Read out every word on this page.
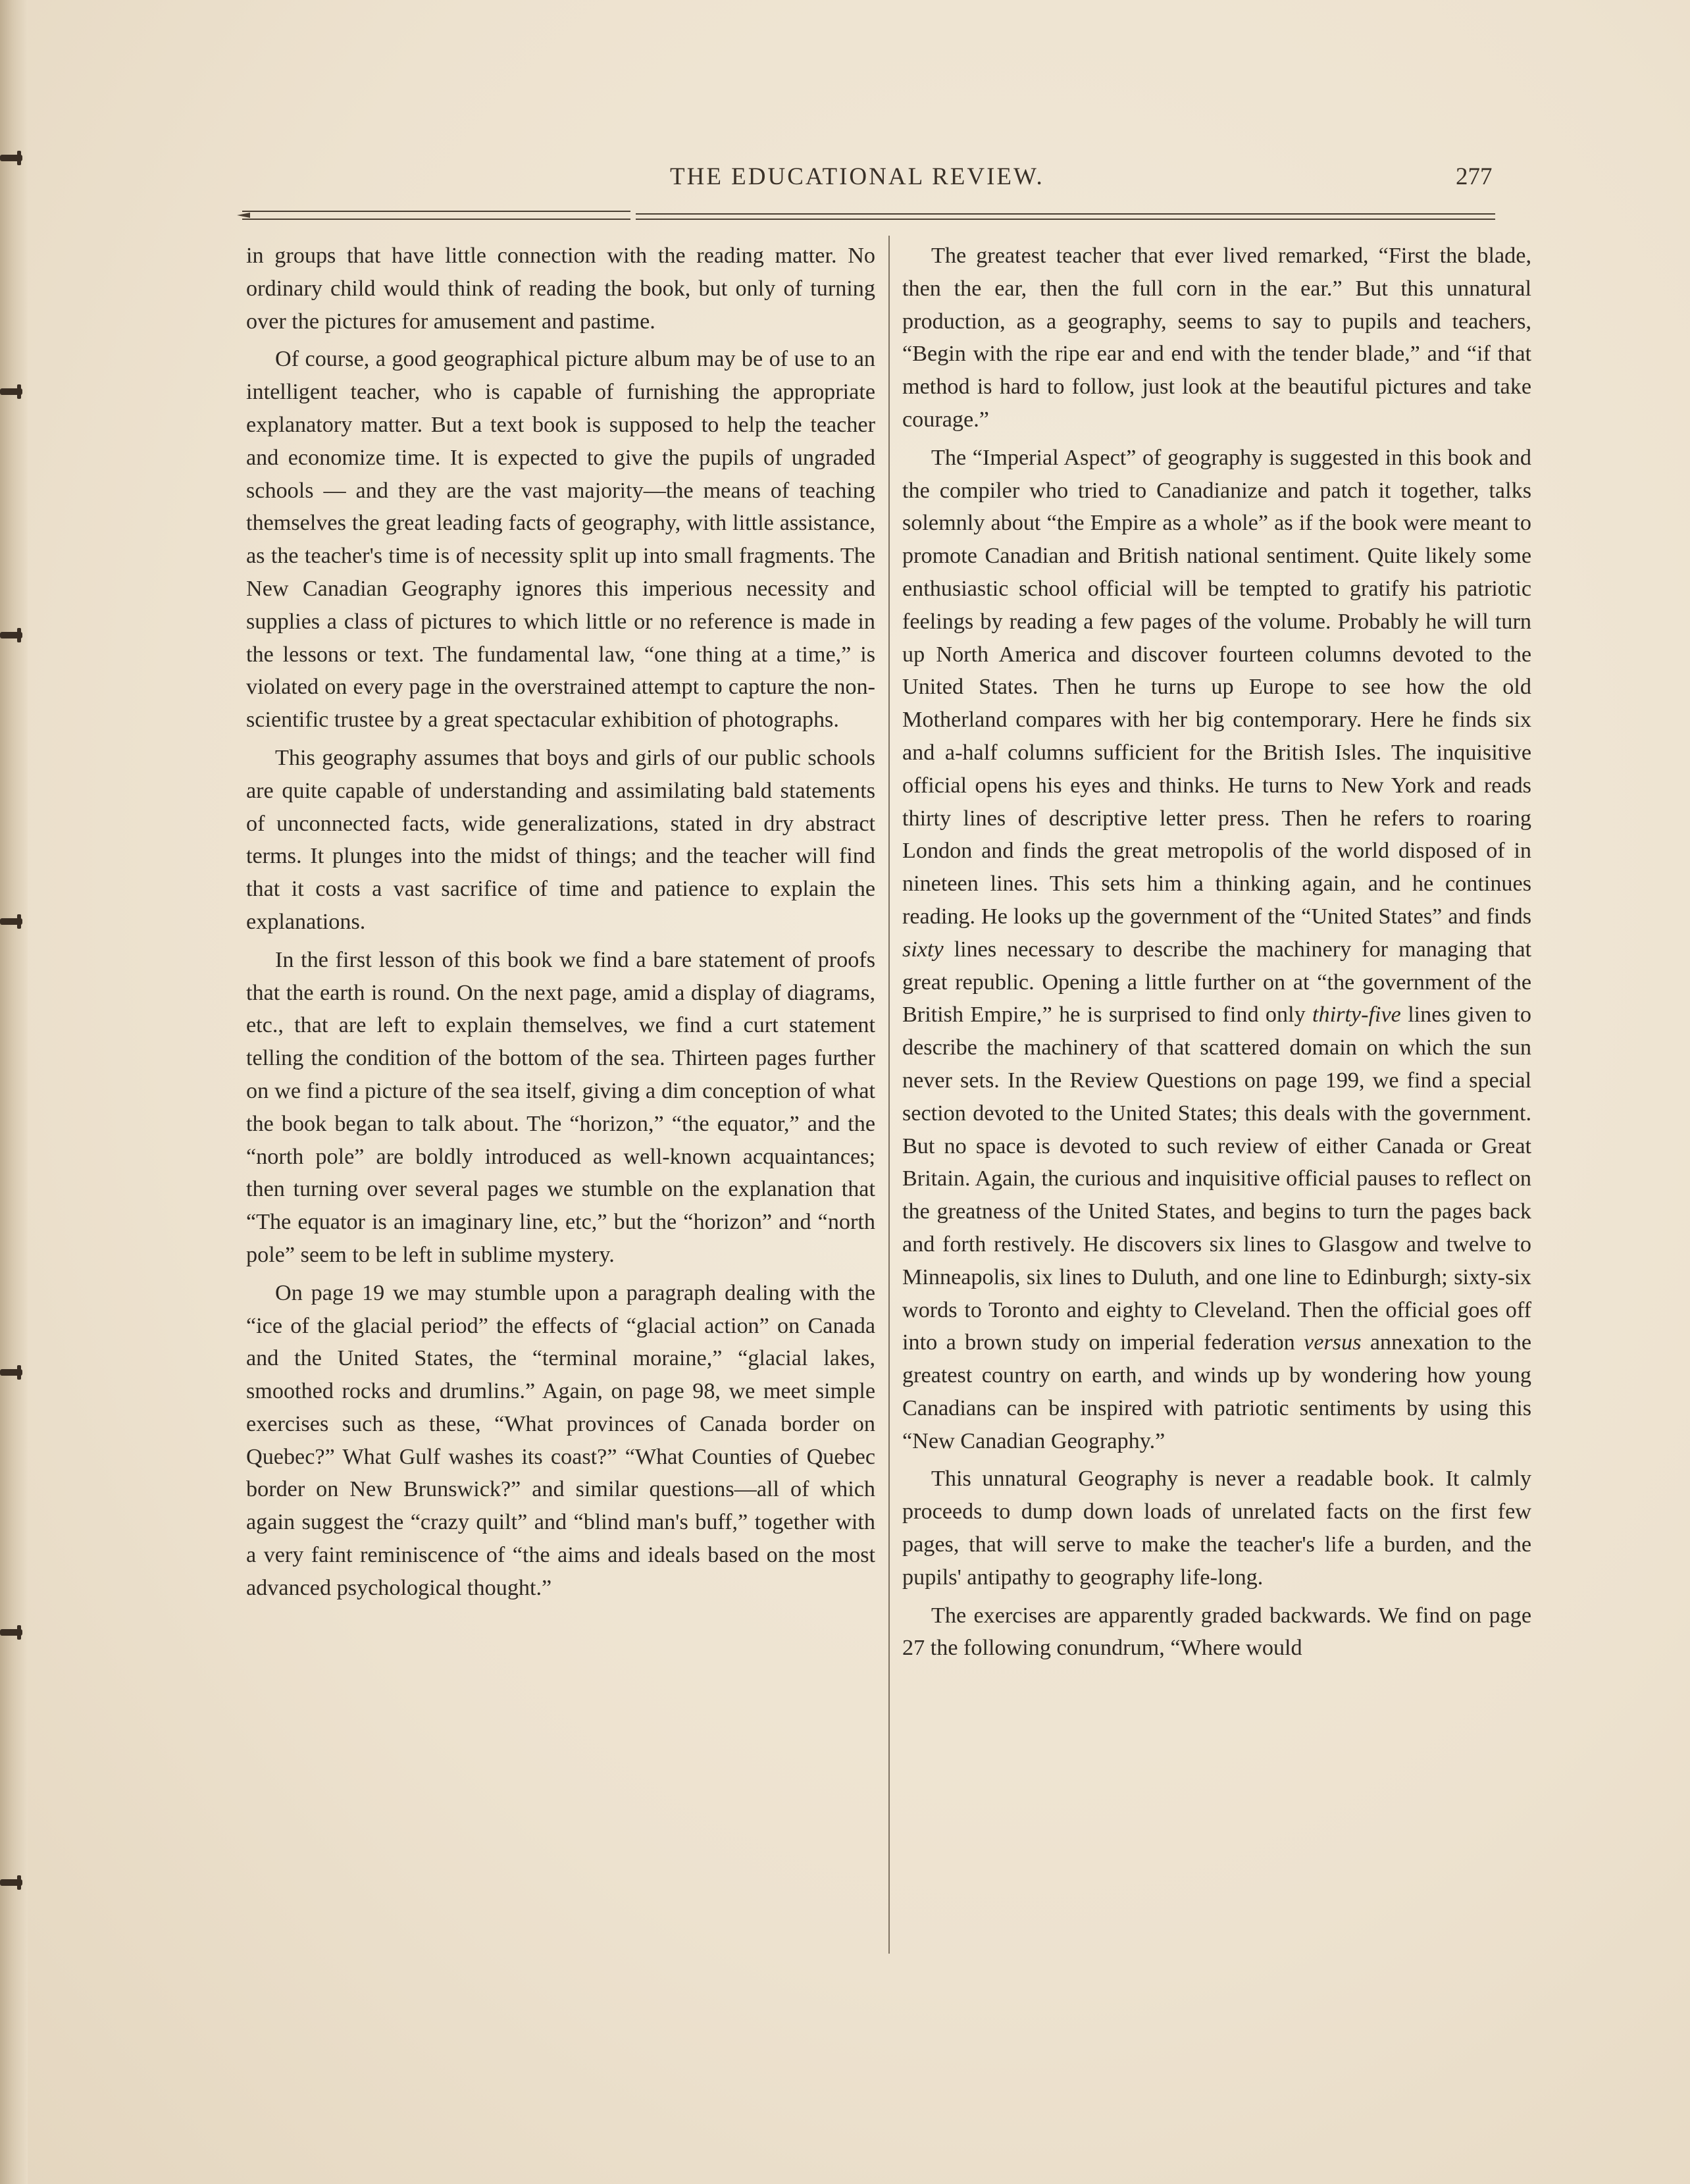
THE EDUCATIONAL REVIEW.	277

in groups that have little connection with the reading matter. No ordinary child would think of reading the book, but only of turning over the pictures for amusement and pastime.

Of course, a good geographical picture album may be of use to an intelligent teacher, who is capable of furnishing the appropriate explanatory matter. But a text book is supposed to help the teacher and economize time. It is expected to give the pupils of ungraded schools — and they are the vast majority—the means of teaching themselves the great leading facts of geography, with little assistance, as the teacher's time is of necessity split up into small fragments. The New Canadian Geography ignores this imperious necessity and supplies a class of pictures to which little or no reference is made in the lessons or text. The fundamental law, “one thing at a time,” is violated on every page in the overstrained attempt to capture the non-scientific trustee by a great spectacular exhibition of photographs.

This geography assumes that boys and girls of our public schools are quite capable of understanding and assimilating bald statements of unconnected facts, wide generalizations, stated in dry abstract terms. It plunges into the midst of things; and the teacher will find that it costs a vast sacrifice of time and patience to explain the explanations.

In the first lesson of this book we find a bare statement of proofs that the earth is round. On the next page, amid a display of diagrams, etc., that are left to explain themselves, we find a curt statement telling the condition of the bottom of the sea. Thirteen pages further on we find a picture of the sea itself, giving a dim conception of what the book began to talk about. The “horizon,” “the equator,” and the “north pole” are boldly introduced as well-known acquaintances; then turning over several pages we stumble on the explanation that “The equator is an imaginary line, etc,” but the “horizon” and “north pole” seem to be left in sublime mystery.

On page 19 we may stumble upon a paragraph dealing with the “ice of the glacial period” the effects of “glacial action” on Canada and the United States, the “terminal moraine,” “glacial lakes, smoothed rocks and drumlins.” Again, on page 98, we meet simple exercises such as these, “What provinces of Canada border on Quebec?” What Gulf washes its coast?” “What Counties of Quebec border on New Brunswick?” and similar questions—all of which again suggest the “crazy quilt” and “blind man's buff,” together with a very faint reminiscence of “the aims and ideals based on the most advanced psychological thought.”

The greatest teacher that ever lived remarked, “First the blade, then the ear, then the full corn in the ear.” But this unnatural production, as a geography, seems to say to pupils and teachers, “Begin with the ripe ear and end with the tender blade,” and “if that method is hard to follow, just look at the beautiful pictures and take courage.”

The “Imperial Aspect” of geography is suggested in this book and the compiler who tried to Canadianize and patch it together, talks solemnly about “the Empire as a whole” as if the book were meant to promote Canadian and British national sentiment. Quite likely some enthusiastic school official will be tempted to gratify his patriotic feelings by reading a few pages of the volume. Probably he will turn up North America and discover fourteen columns devoted to the United States. Then he turns up Europe to see how the old Motherland compares with her big contemporary. Here he finds six and a-half columns sufficient for the British Isles. The inquisitive official opens his eyes and thinks. He turns to New York and reads thirty lines of descriptive letter press. Then he refers to roaring London and finds the great metropolis of the world disposed of in nineteen lines. This sets him a thinking again, and he continues reading. He looks up the government of the “United States” and finds sixty lines necessary to describe the machinery for managing that great republic. Opening a little further on at “the government of the British Empire,” he is surprised to find only thirty-five lines given to describe the machinery of that scattered domain on which the sun never sets. In the Review Questions on page 199, we find a special section devoted to the United States; this deals with the government. But no space is devoted to such review of either Canada or Great Britain. Again, the curious and inquisitive official pauses to reflect on the greatness of the United States, and begins to turn the pages back and forth restively. He discovers six lines to Glasgow and twelve to Minneapolis, six lines to Duluth, and one line to Edinburgh; sixty-six words to Toronto and eighty to Cleveland. Then the official goes off into a brown study on imperial federation versus annexation to the greatest country on earth, and winds up by wondering how young Canadians can be inspired with patriotic sentiments by using this “New Canadian Geography.”

This unnatural Geography is never a readable book. It calmly proceeds to dump down loads of unrelated facts on the first few pages, that will serve to make the teacher's life a burden, and the pupils' antipathy to geography life-long.

The exercises are apparently graded backwards. We find on page 27 the following conundrum, “Where would
